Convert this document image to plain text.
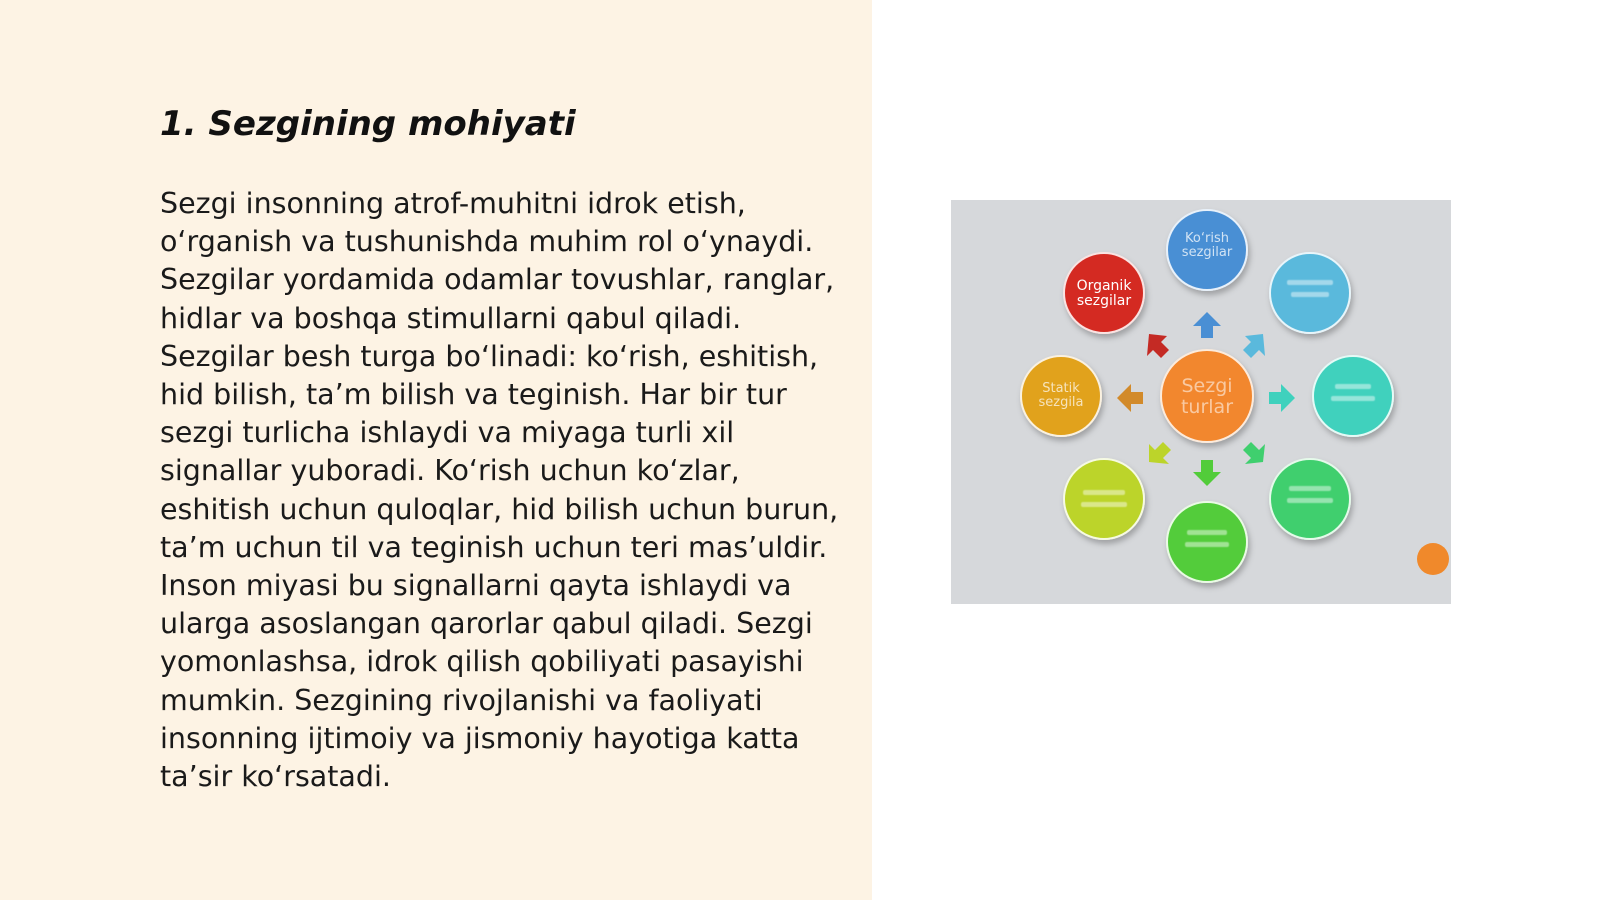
1. Sezgining mohiyati

Sezgi insonning atrof-muhitni idrok etish, o‘rganish va tushunishda muhim rol o‘ynaydi. Sezgilar yordamida odamlar tovushlar, ranglar, hidlar va boshqa stimullarni qabul qiladi. Sezgilar besh turga bo‘linadi: ko‘rish, eshitish, hid bilish, ta’m bilish va teginish. Har bir tur sezgi turlicha ishlaydi va miyaga turli xil signallar yuboradi. Ko‘rish uchun ko‘zlar, eshitish uchun quloqlar, hid bilish uchun burun, ta’m uchun til va teginish uchun teri mas’uldir. Inson miyasi bu signallarni qayta ishlaydi va ularga asoslangan qarorlar qabul qiladi. Sezgi yomonlashsa, idrok qilish qobiliyati pasayishi mumkin. Sezgining rivojlanishi va faoliyati insonning ijtimoiy va jismoniy hayotiga katta ta’sir ko‘rsatadi.

Ko‘rish
sezgilar
Organik
sezgilar
Statik
sezgila
Sezgi
turlar
